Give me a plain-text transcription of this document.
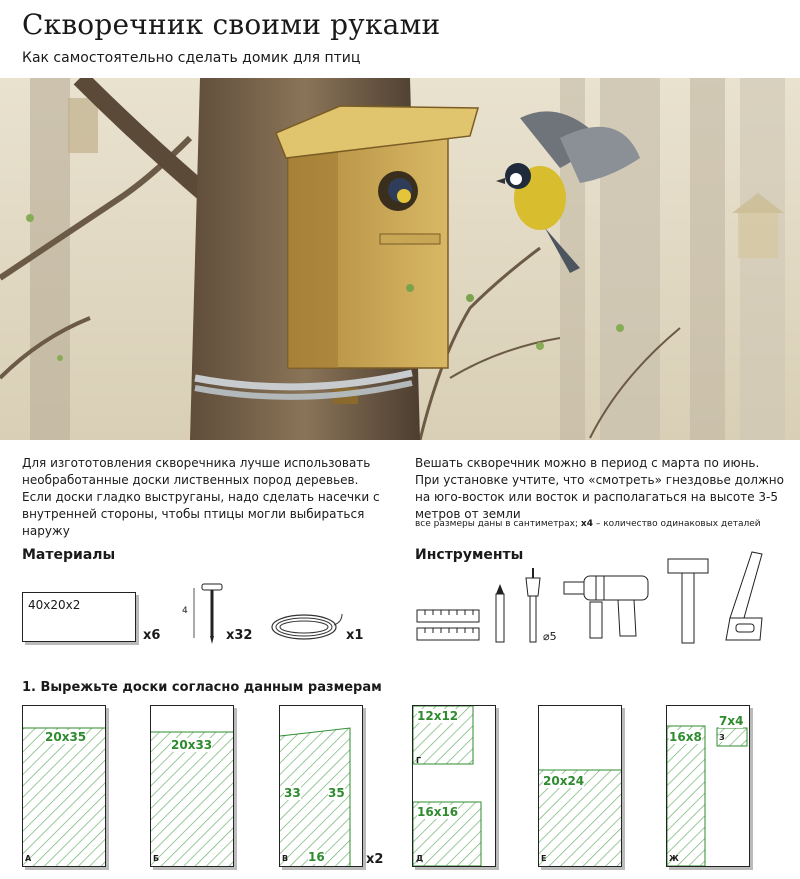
Скворечник своими руками
Как самостоятельно сделать домик для птиц
Для изгототовления скворечника лучше использовать необработанные доски лиственных пород деревьев. Если доски гладко выструганы, надо сделать насечки с внутренней стороны, чтобы птицы могли выбираться наружу
Вешать скворечник можно в период с марта по июнь. При установке учтите, что «смотреть» гнездовье должно на юго-восток или восток и располагаться на высоте 3-5 метров от земли
все размеры даны в сантиметрах; x4 – количество одинаковых деталей
Материалы
40x20x2
x6
4
x32	x1
Инструменты
⌀5
1. Вырежьте доски согласно данным размерам
20x35
А
20x33
Б
33 35
16
В	x2
12x12
Г
16x16
Д
20x24
Е
16x8
Ж
7x4
З
